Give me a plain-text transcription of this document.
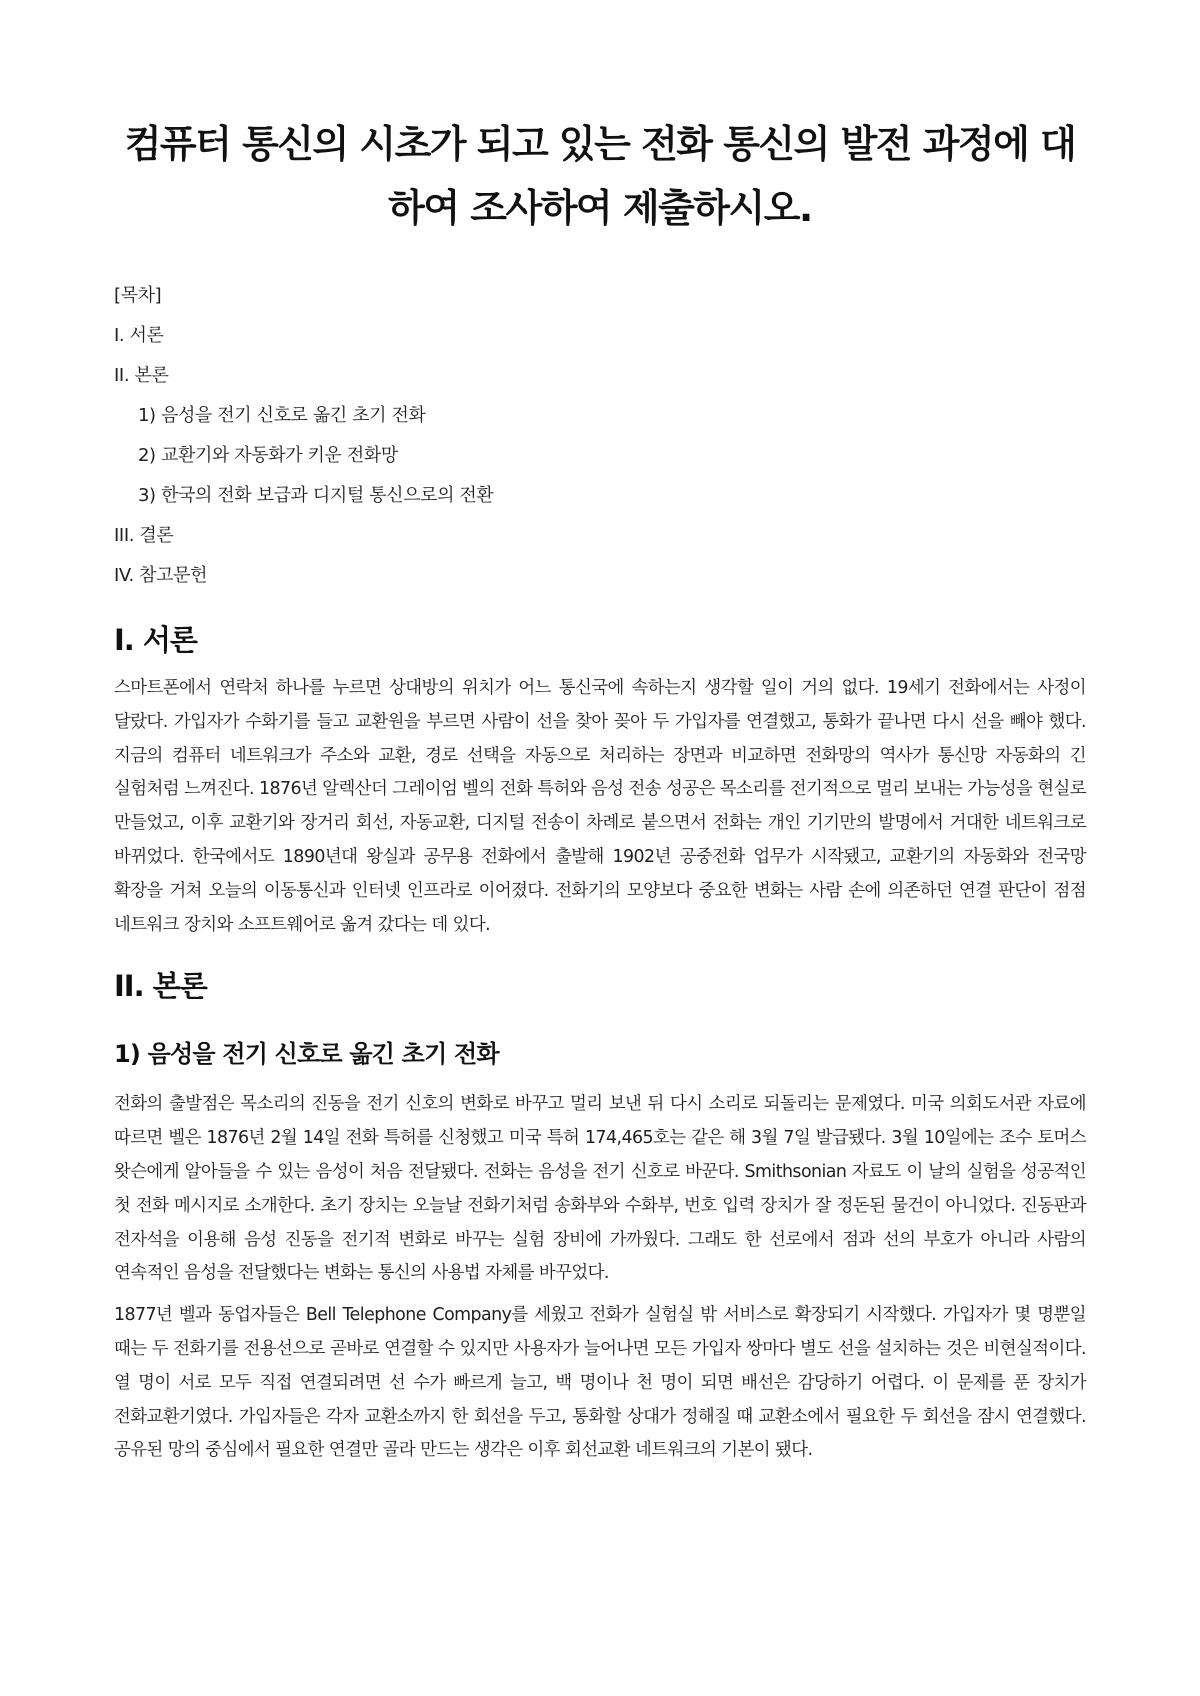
컴퓨터 통신의 시초가 되고 있는 전화 통신의 발전 과정에 대하여 조사하여 제출하시오.
[목차]
I. 서론
II. 본론
1) 음성을 전기 신호로 옮긴 초기 전화
2) 교환기와 자동화가 키운 전화망
3) 한국의 전화 보급과 디지털 통신으로의 전환
III. 결론
IV. 참고문헌
I. 서론

스마트폰에서 연락처 하나를 누르면 상대방의 위치가 어느 통신국에 속하는지 생각할 일이 거의 없다. 19세기 전화에서는 사정이 달랐다. 가입자가 수화기를 들고 교환원을 부르면 사람이 선을 찾아 꽂아 두 가입자를 연결했고, 통화가 끝나면 다시 선을 빼야 했다. 지금의 컴퓨터 네트워크가 주소와 교환, 경로 선택을 자동으로 처리하는 장면과 비교하면 전화망의 역사가 통신망 자동화의 긴 실험처럼 느껴진다. 1876년 알렉산더 그레이엄 벨의 전화 특허와 음성 전송 성공은 목소리를 전기적으로 멀리 보내는 가능성을 현실로 만들었고, 이후 교환기와 장거리 회선, 자동교환, 디지털 전송이 차례로 붙으면서 전화는 개인 기기만의 발명에서 거대한 네트워크로 바뀌었다. 한국에서도 1890년대 왕실과 공무용 전화에서 출발해 1902년 공중전화 업무가 시작됐고, 교환기의 자동화와 전국망 확장을 거쳐 오늘의 이동통신과 인터넷 인프라로 이어졌다. 전화기의 모양보다 중요한 변화는 사람 손에 의존하던 연결 판단이 점점 네트워크 장치와 소프트웨어로 옮겨 갔다는 데 있다.

II. 본론
1) 음성을 전기 신호로 옮긴 초기 전화

전화의 출발점은 목소리의 진동을 전기 신호의 변화로 바꾸고 멀리 보낸 뒤 다시 소리로 되돌리는 문제였다. 미국 의회도서관 자료에 따르면 벨은 1876년 2월 14일 전화 특허를 신청했고 미국 특허 174,465호는 같은 해 3월 7일 발급됐다. 3월 10일에는 조수 토머스 왓슨에게 알아들을 수 있는 음성이 처음 전달됐다. 전화는 음성을 전기 신호로 바꾼다. Smithsonian 자료도 이 날의 실험을 성공적인 첫 전화 메시지로 소개한다. 초기 장치는 오늘날 전화기처럼 송화부와 수화부, 번호 입력 장치가 잘 정돈된 물건이 아니었다. 진동판과 전자석을 이용해 음성 진동을 전기적 변화로 바꾸는 실험 장비에 가까웠다. 그래도 한 선로에서 점과 선의 부호가 아니라 사람의 연속적인 음성을 전달했다는 변화는 통신의 사용법 자체를 바꾸었다.

1877년 벨과 동업자들은 Bell Telephone Company를 세웠고 전화가 실험실 밖 서비스로 확장되기 시작했다. 가입자가 몇 명뿐일 때는 두 전화기를 전용선으로 곧바로 연결할 수 있지만 사용자가 늘어나면 모든 가입자 쌍마다 별도 선을 설치하는 것은 비현실적이다. 열 명이 서로 모두 직접 연결되려면 선 수가 빠르게 늘고, 백 명이나 천 명이 되면 배선은 감당하기 어렵다. 이 문제를 푼 장치가 전화교환기였다. 가입자들은 각자 교환소까지 한 회선을 두고, 통화할 상대가 정해질 때 교환소에서 필요한 두 회선을 잠시 연결했다. 공유된 망의 중심에서 필요한 연결만 골라 만드는 생각은 이후 회선교환 네트워크의 기본이 됐다.
